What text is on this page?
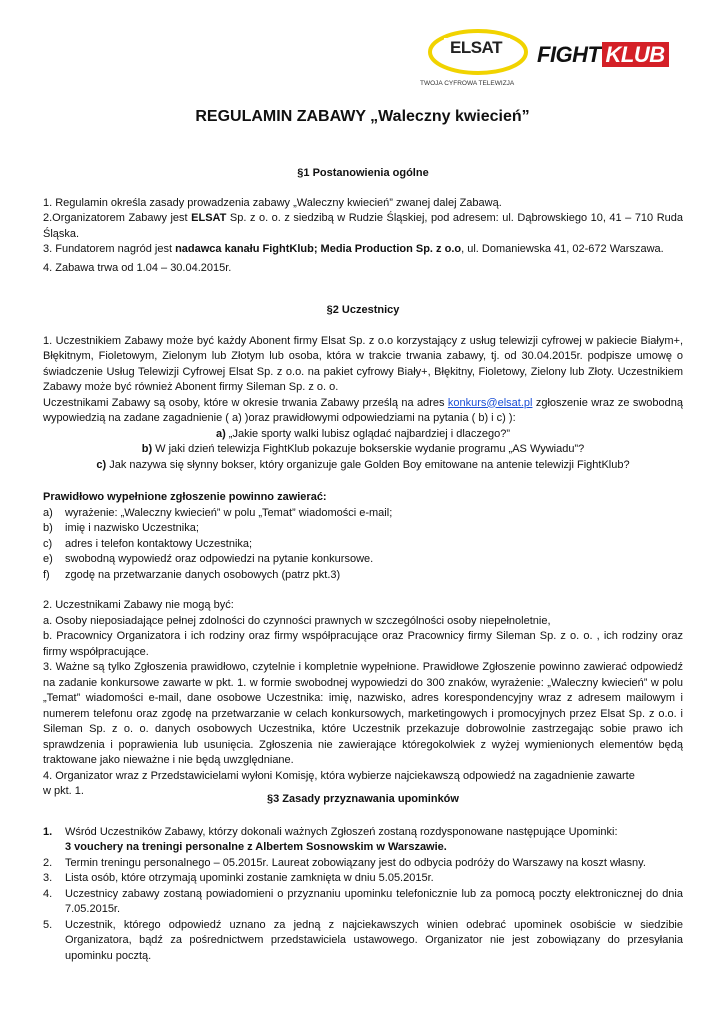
ELSAT
TWOJA CYFROWA TELEWIZJA
FIGHT KLUB
REGULAMIN ZABAWY „Waleczny kwiecień”

§1 Postanowienia ogólne

1. Regulamin określa zasady prowadzenia zabawy „Waleczny kwiecień” zwanej dalej Zabawą.

2.Organizatorem Zabawy jest ELSAT Sp. z o. o. z siedzibą w Rudzie Śląskiej, pod adresem: ul. Dąbrowskiego 10, 41 – 710 Ruda Śląska.

3. Fundatorem nagród jest nadawca kanału FightKlub; Media Production Sp. z o.o, ul. Domaniewska 41, 02-672 Warszawa.

4. Zabawa trwa od 1.04 – 30.04.2015r.

§2 Uczestnicy

1. Uczestnikiem Zabawy może być każdy Abonent firmy Elsat Sp. z o.o korzystający z usług telewizji cyfrowej w pakiecie Białym+, Błękitnym, Fioletowym, Zielonym lub Złotym lub osoba, która w trakcie trwania zabawy, tj. od 30.04.2015r. podpisze umowę o świadczenie Usług Telewizji Cyfrowej Elsat Sp. z o.o. na pakiet cyfrowy Biały+, Błękitny, Fioletowy, Zielony lub Złoty. Uczestnikiem Zabawy może być również Abonent firmy Sileman Sp. z o. o.

Uczestnikami Zabawy są osoby, które w okresie trwania Zabawy prześlą na adres konkurs@elsat.pl zgłoszenie wraz ze swobodną wypowiedzią na zadane zagadnienie ( a) )oraz prawidłowymi odpowiedziami na pytania ( b) i c) ):

a) „Jakie sporty walki lubisz oglądać najbardziej i dlaczego?”

b) W jaki dzień telewizja FightKlub pokazuje bokserskie wydanie programu „AS Wywiadu”?

c) Jak nazywa się słynny bokser, który organizuje gale Golden Boy emitowane na antenie telewizji FightKlub?

Prawidłowo wypełnione zgłoszenie powinno zawierać:

a)	wyrażenie: „Waleczny kwiecień” w polu „Temat” wiadomości e-mail;
b)	imię i nazwisko Uczestnika;
c)	adres i telefon kontaktowy Uczestnika;
e)	swobodną wypowiedź oraz odpowiedzi na pytanie konkursowe.
f)	zgodę na przetwarzanie danych osobowych (patrz pkt.3)

2. Uczestnikami Zabawy nie mogą być:

a. Osoby nieposiadające pełnej zdolności do czynności prawnych w szczególności osoby niepełnoletnie,

b. Pracownicy Organizatora i ich rodziny oraz firmy współpracujące oraz Pracownicy firmy Sileman Sp. z o. o. , ich rodziny oraz firmy współpracujące.

3. Ważne są tylko Zgłoszenia prawidłowo, czytelnie i kompletnie wypełnione. Prawidłowe Zgłoszenie powinno zawierać odpowiedź na zadanie konkursowe zawarte w pkt. 1. w formie swobodnej wypowiedzi do 300 znaków, wyrażenie: „Waleczny kwiecień” w polu „Temat” wiadomości e-mail, dane osobowe Uczestnika: imię, nazwisko, adres korespondencyjny wraz z adresem mailowym i numerem telefonu oraz zgodę na przetwarzanie w celach konkursowych, marketingowych i promocyjnych przez Elsat Sp. z o.o. i Sileman Sp. z o. o. danych osobowych Uczestnika, które Uczestnik przekazuje dobrowolnie zastrzegając sobie prawo ich sprawdzenia i poprawienia lub usunięcia. Zgłoszenia nie zawierające któregokolwiek z wyżej wymienionych elementów będą traktowane jako nieważne i nie będą uwzględniane.

4. Organizator wraz z Przedstawicielami wyłoni Komisję, która wybierze najciekawszą odpowiedź na zagadnienie zawarte

w pkt. 1.

§3 Zasady przyznawania upominków

1.	Wśród Uczestników Zabawy, którzy dokonali ważnych Zgłoszeń zostaną rozdysponowane następujące Upominki:
3 vouchery na treningi personalne z Albertem Sosnowskim w Warszawie.
2.	Termin treningu personalnego – 05.2015r. Laureat zobowiązany jest do odbycia podróży do Warszawy na koszt własny.
3.	Lista osób, które otrzymają upominki zostanie zamknięta w dniu 5.05.2015r.
4.	Uczestnicy zabawy zostaną powiadomieni o przyznaniu upominku telefonicznie lub za pomocą poczty elektronicznej do dnia 7.05.2015r.
5.	Uczestnik, którego odpowiedź uznano za jedną z najciekawszych winien odebrać upominek osobiście w siedzibie Organizatora, bądź za pośrednictwem przedstawiciela ustawowego. Organizator nie jest zobowiązany do przesyłania upominku pocztą.
